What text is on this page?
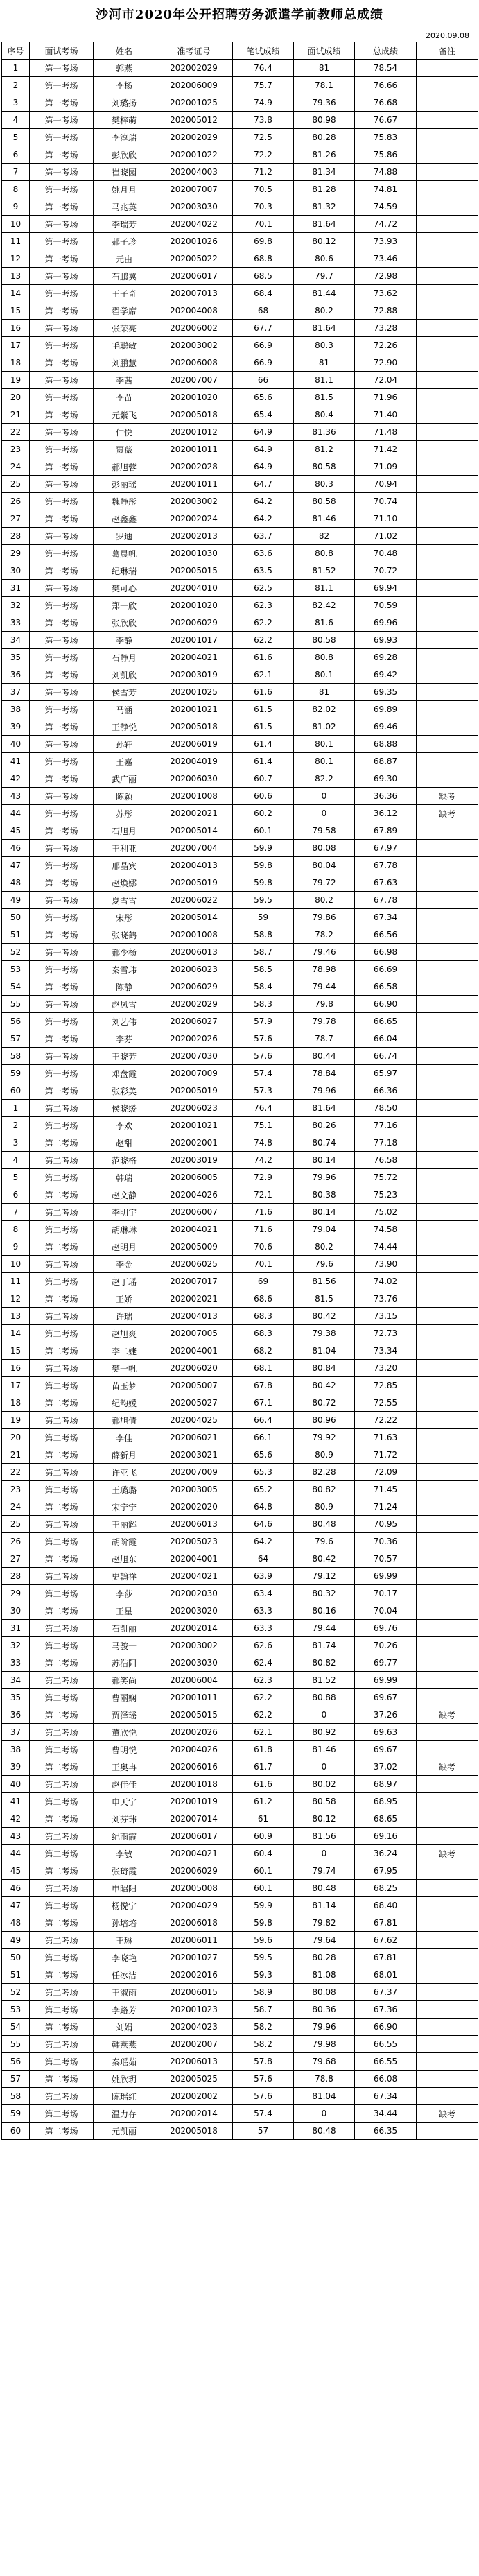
沙河市2020年公开招聘劳务派遣学前教师总成绩
2020.09.08
序号	面试考场	姓名	准考证号	笔试成绩	面试成绩	总成绩	备注
1	第一考场	郭燕	202002029	76.4	81	78.54	
2	第一考场	李杨	202006009	75.7	78.1	76.66	
3	第一考场	刘璐扬	202001025	74.9	79.36	76.68	
4	第一考场	樊梓萌	202005012	73.8	80.98	76.67	
5	第一考场	李淳瑞	202002029	72.5	80.28	75.83	
6	第一考场	彭欣欣	202001022	72.2	81.26	75.86	
7	第一考场	崔晓园	202004003	71.2	81.34	74.88	
8	第一考场	姚月月	202007007	70.5	81.28	74.81	
9	第一考场	马兆英	202003030	70.3	81.32	74.59	
10	第一考场	李瑞芳	202004022	70.1	81.64	74.72	
11	第一考场	郝子珍	202001026	69.8	80.12	73.93	
12	第一考场	元由	202005022	68.8	80.6	73.46	
13	第一考场	石鹏翼	202006017	68.5	79.7	72.98	
14	第一考场	王子奇	202007013	68.4	81.44	73.62	
15	第一考场	翟学席	202004008	68	80.2	72.88	
16	第一考场	张荣亮	202006002	67.7	81.64	73.28	
17	第一考场	毛聪敏	202003002	66.9	80.3	72.26	
18	第一考场	刘鹏慧	202006008	66.9	81	72.90	
19	第一考场	李茜	202007007	66	81.1	72.04	
20	第一考场	李苗	202001020	65.6	81.5	71.96	
21	第一考场	元紫飞	202005018	65.4	80.4	71.40	
22	第一考场	仲悦	202001012	64.9	81.36	71.48	
23	第一考场	贾薇	202001011	64.9	81.2	71.42	
24	第一考场	郝旭蓉	202002028	64.9	80.58	71.09	
25	第一考场	彭丽瑶	202001011	64.7	80.3	70.94	
26	第一考场	魏静彤	202003002	64.2	80.58	70.74	
27	第一考场	赵鑫鑫	202002024	64.2	81.46	71.10	
28	第一考场	罗迪	202002013	63.7	82	71.02	
29	第一考场	葛晨帆	202001030	63.6	80.8	70.48	
30	第一考场	纪琳瑞	202005015	63.5	81.52	70.72	
31	第一考场	樊可心	202004010	62.5	81.1	69.94	
32	第一考场	郑一欣	202001020	62.3	82.42	70.59	
33	第一考场	张欣欣	202006029	62.2	81.6	69.96	
34	第一考场	李静	202001017	62.2	80.58	69.93	
35	第一考场	石静月	202004021	61.6	80.8	69.28	
36	第一考场	刘凯欣	202003019	62.1	80.1	69.42	
37	第一考场	侯雪芳	202001025	61.6	81	69.35	
38	第一考场	马涵	202001021	61.5	82.02	69.89	
39	第一考场	王静悦	202005018	61.5	81.02	69.46	
40	第一考场	孙轩	202006019	61.4	80.1	68.88	
41	第一考场	王嘉	202004019	61.4	80.1	68.87	
42	第一考场	武广丽	202006030	60.7	82.2	69.30	
43	第一考场	陈颖	202001008	60.6	0	36.36	缺考
44	第一考场	苏彤	202002021	60.2	0	36.12	缺考
45	第一考场	石旭月	202005014	60.1	79.58	67.89	
46	第一考场	王利亚	202007004	59.9	80.08	67.97	
47	第一考场	邢晶宾	202004013	59.8	80.04	67.78	
48	第一考场	赵焕娜	202005019	59.8	79.72	67.63	
49	第一考场	夏雪雪	202006022	59.5	80.2	67.78	
50	第一考场	宋彤	202005014	59	79.86	67.34	
51	第一考场	张晓鹤	202001008	58.8	78.2	66.56	
52	第一考场	郝少杨	202006013	58.7	79.46	66.98	
53	第一考场	秦雪玮	202006023	58.5	78.98	66.69	
54	第一考场	陈静	202006029	58.4	79.44	66.58	
55	第一考场	赵凤雪	202002029	58.3	79.8	66.90	
56	第一考场	刘艺伟	202006027	57.9	79.78	66.65	
57	第一考场	李芬	202002026	57.6	78.7	66.04	
58	第一考场	王晓芳	202007030	57.6	80.44	66.74	
59	第一考场	邓盘霞	202007009	57.4	78.84	65.97	
60	第一考场	张彩美	202005019	57.3	79.96	66.36	
1	第二考场	侯晓缓	202006023	76.4	81.64	78.50	
2	第二考场	李欢	202001021	75.1	80.26	77.16	
3	第二考场	赵甜	202002001	74.8	80.74	77.18	
4	第二考场	范晓格	202003019	74.2	80.14	76.58	
5	第二考场	韩瑞	202006005	72.9	79.96	75.72	
6	第二考场	赵文静	202004026	72.1	80.38	75.23	
7	第二考场	李明宇	202006007	71.6	80.14	75.02	
8	第二考场	胡琳琳	202004021	71.6	79.04	74.58	
9	第二考场	赵明月	202005009	70.6	80.2	74.44	
10	第二考场	李金	202006025	70.1	79.6	73.90	
11	第二考场	赵丁瑶	202007017	69	81.56	74.02	
12	第二考场	王娇	202002021	68.6	81.5	73.76	
13	第二考场	许瑞	202004013	68.3	80.42	73.15	
14	第二考场	赵旭爽	202007005	68.3	79.38	72.73	
15	第二考场	李二婕	202004001	68.2	81.04	73.34	
16	第二考场	樊一帆	202006020	68.1	80.84	73.20	
17	第二考场	苗玉梦	202005007	67.8	80.42	72.85	
18	第二考场	纪韵媛	202005027	67.1	80.72	72.55	
19	第二考场	郝旭倩	202004025	66.4	80.96	72.22	
20	第二考场	李佳	202006021	66.1	79.92	71.63	
21	第二考场	薛新月	202003021	65.6	80.9	71.72	
22	第二考场	许亚飞	202007009	65.3	82.28	72.09	
23	第二考场	王璐璐	202003005	65.2	80.82	71.45	
24	第二考场	宋宁宁	202002020	64.8	80.9	71.24	
25	第二考场	王丽辉	202006013	64.6	80.48	70.95	
26	第二考场	胡阶霞	202005023	64.2	79.6	70.36	
27	第二考场	赵旭东	202004001	64	80.42	70.57	
28	第二考场	史翰祥	202004021	63.9	79.12	69.99	
29	第二考场	李莎	202002030	63.4	80.32	70.17	
30	第二考场	王星	202003020	63.3	80.16	70.04	
31	第二考场	石凯丽	202002014	63.3	79.44	69.76	
32	第二考场	马骏一	202003002	62.6	81.74	70.26	
33	第二考场	苏浩阳	202003030	62.4	80.82	69.77	
34	第二考场	郝笑尚	202006004	62.3	81.52	69.99	
35	第二考场	曹丽娴	202001011	62.2	80.88	69.67	
36	第二考场	贾泽瑶	202005015	62.2	0	37.26	缺考
37	第二考场	董欣悦	202002026	62.1	80.92	69.63	
38	第二考场	曹明悦	202004026	61.8	81.46	69.67	
39	第二考场	王奥冉	202006016	61.7	0	37.02	缺考
40	第二考场	赵佳佳	202001018	61.6	80.02	68.97	
41	第二考场	申天宁	202001019	61.2	80.58	68.95	
42	第二考场	刘芬玮	202007014	61	80.12	68.65	
43	第二考场	纪雨霞	202006017	60.9	81.56	69.16	
44	第二考场	李敏	202004021	60.4	0	36.24	缺考
45	第二考场	张琦霞	202006029	60.1	79.74	67.95	
46	第二考场	申昭阳	202005008	60.1	80.48	68.25	
47	第二考场	杨悦宁	202004029	59.9	81.14	68.40	
48	第二考场	孙培培	202006018	59.8	79.82	67.81	
49	第二考场	王琳	202006011	59.6	79.64	67.62	
50	第二考场	李晓艳	202001027	59.5	80.28	67.81	
51	第二考场	任冰洁	202002016	59.3	81.08	68.01	
52	第二考场	王淑雨	202006015	58.9	80.08	67.37	
53	第二考场	李路芳	202001023	58.7	80.36	67.36	
54	第二考场	刘娟	202004023	58.2	79.96	66.90	
55	第二考场	韩燕燕	202002007	58.2	79.98	66.55	
56	第二考场	秦瑶茹	202006013	57.8	79.68	66.55	
57	第二考场	姚欣玥	202005025	57.6	78.8	66.08	
58	第二考场	陈瑶红	202002002	57.6	81.04	67.34	
59	第二考场	温力存	202002014	57.4	0	34.44	缺考
60	第二考场	元凯丽	202005018	57	80.48	66.35	
